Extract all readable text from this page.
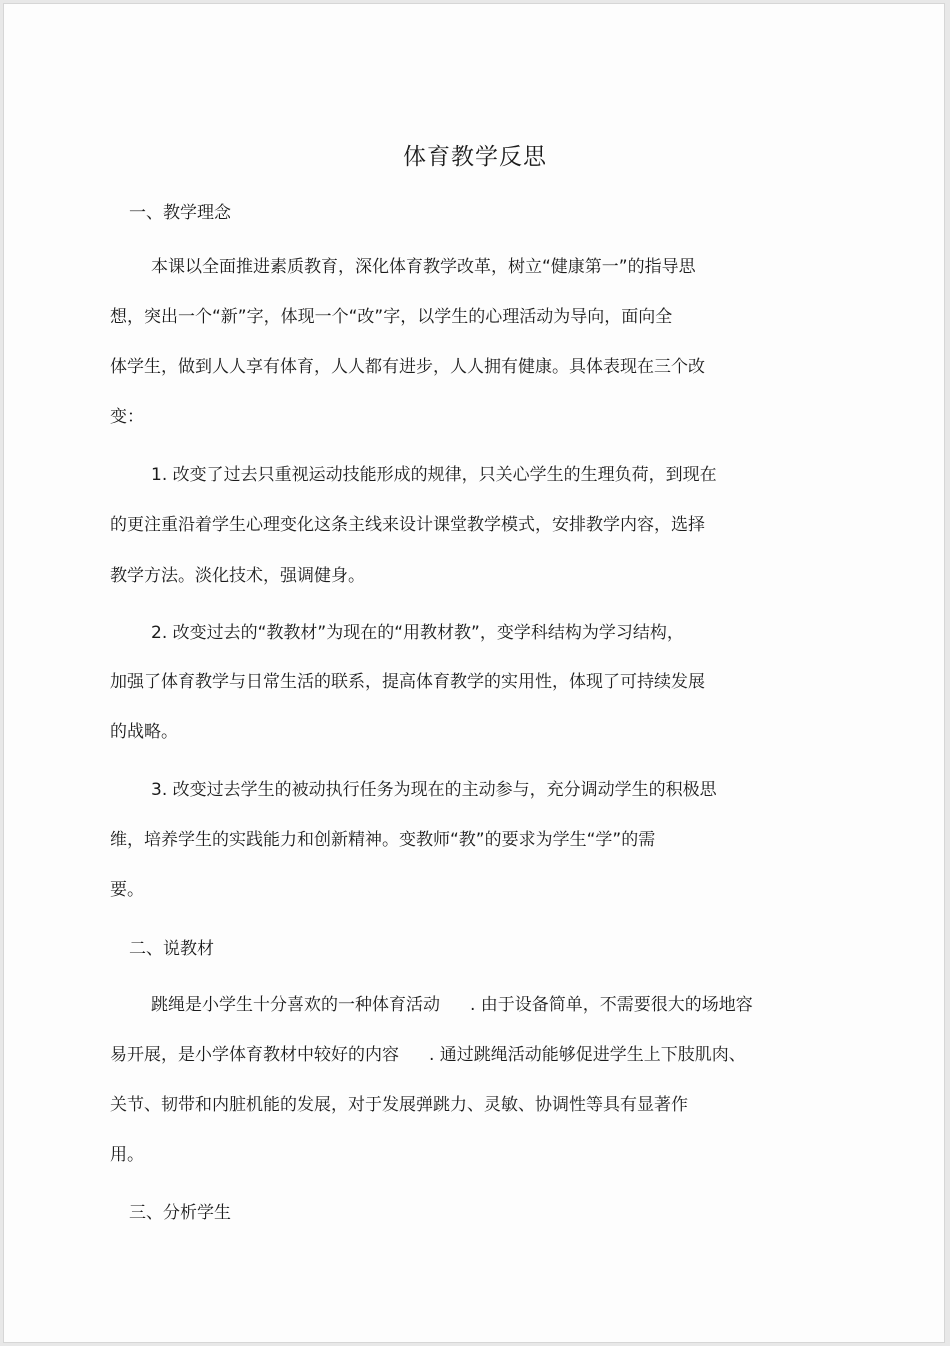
体育教学反思
一、教学理念
本课以全面推进素质教育，深化体育教学改革，树立“健康第一”的指导思
想，突出一个“新”字，体现一个“改”字，以学生的心理活动为导向，面向全
体学生，做到人人享有体育，人人都有进步，人人拥有健康。具体表现在三个改
变：
1. 改变了过去只重视运动技能形成的规律，只关心学生的生理负荷，到现在
的更注重沿着学生心理变化这条主线来设计课堂教学模式，安排教学内容，选择
教学方法。淡化技术，强调健身。
2. 改变过去的“教教材”为现在的“用教材教”，变学科结构为学习结构，
加强了体育教学与日常生活的联系，提高体育教学的实用性，体现了可持续发展
的战略。
3. 改变过去学生的被动执行任务为现在的主动参与，充分调动学生的积极思
维，培养学生的实践能力和创新精神。变教师“教”的要求为学生“学”的需
要。
二、说教材
跳绳是小学生十分喜欢的一种体育活动 . 由于设备简单，不需要很大的场地容
易开展，是小学体育教材中较好的内容 . 通过跳绳活动能够促进学生上下肢肌肉、
关节、韧带和内脏机能的发展，对于发展弹跳力、灵敏、协调性等具有显著作
用。
三、分析学生
